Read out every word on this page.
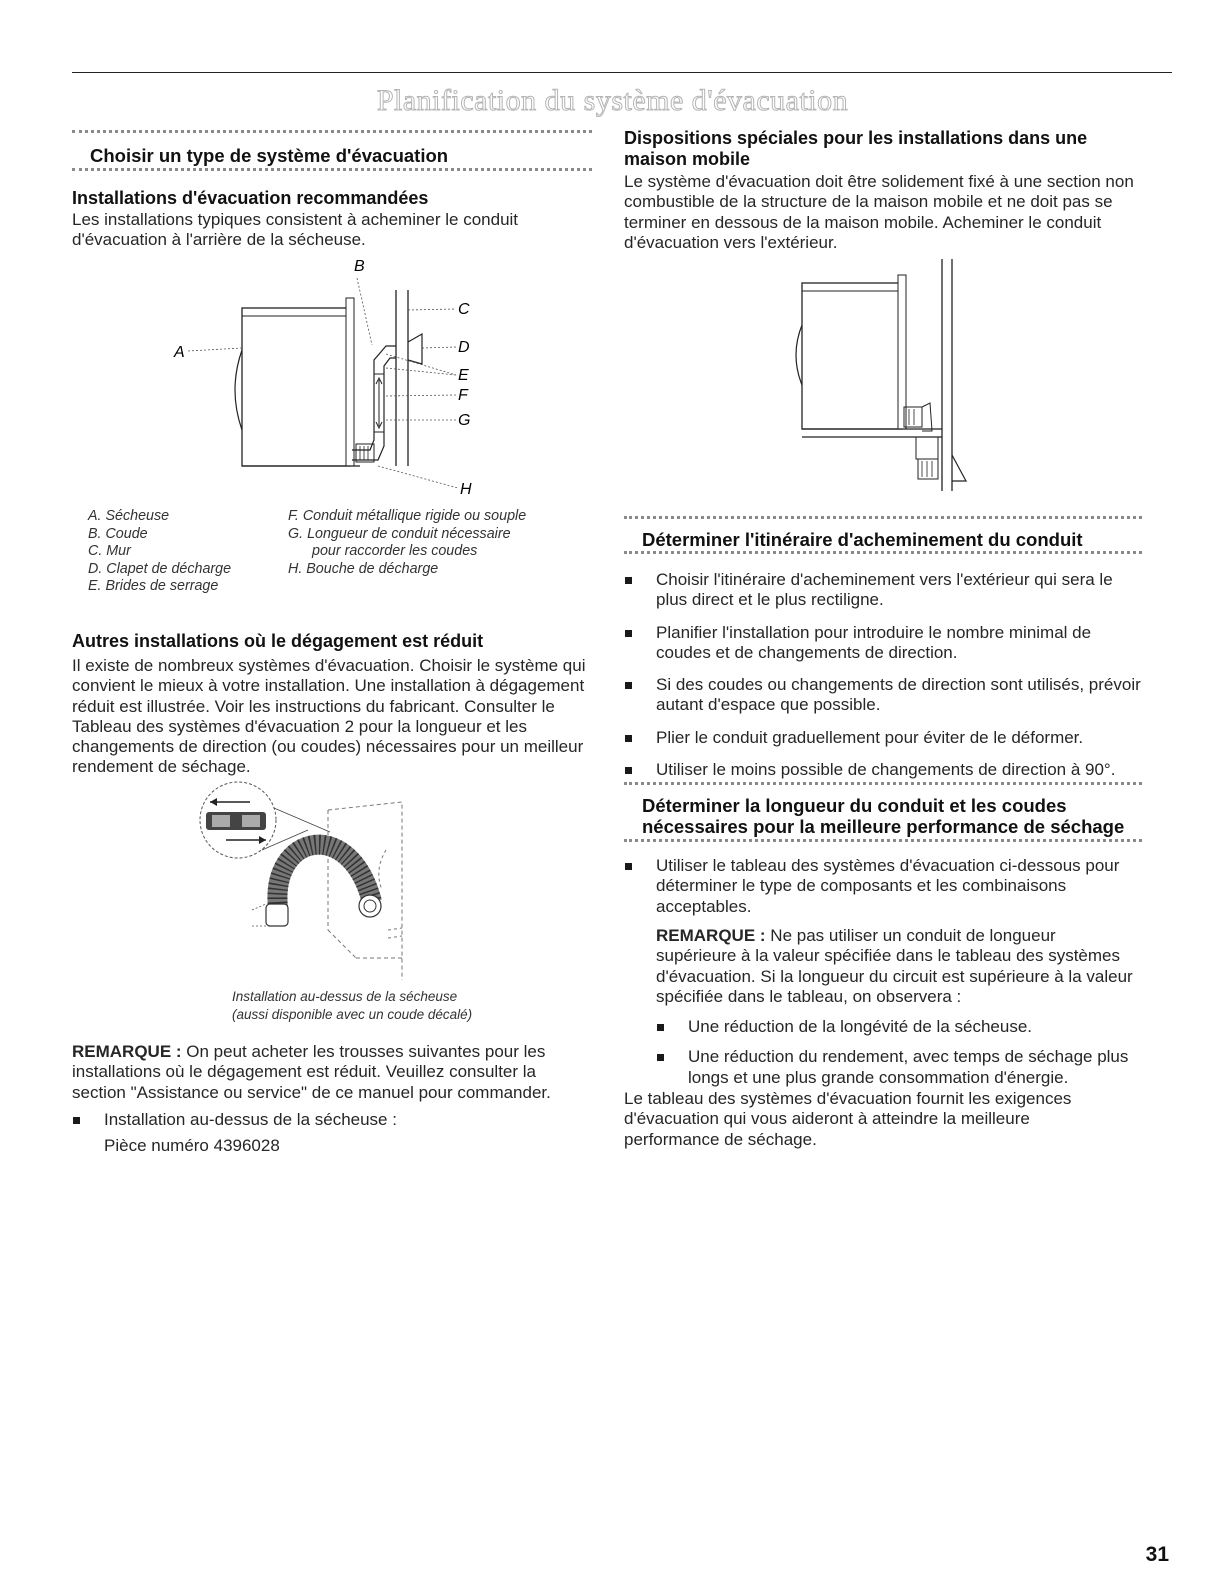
Planification du système d'évacuation
Choisir un type de système d'évacuation
Installations d'évacuation recommandées

Les installations typiques consistent à acheminer le conduit d'évacuation à l'arrière de la sécheuse.

B
A
C
D
E
F
G
H
A. Sécheuse
B. Coude
C. Mur
D. Clapet de décharge
E. Brides de serrage
F. Conduit métallique rigide ou souple
G. Longueur de conduit nécessaire
pour raccorder les coudes
H. Bouche de décharge
Autres installations où le dégagement est réduit

Il existe de nombreux systèmes d'évacuation. Choisir le système qui convient le mieux à votre installation. Une installation à dégagement réduit est illustrée. Voir les instructions du fabricant. Consulter le Tableau des systèmes d'évacuation 2 pour la longueur et les changements de direction (ou coudes) nécessaires pour un meilleur rendement de séchage.

Installation au-dessus de la sécheuse
(aussi disponible avec un coude décalé)

REMARQUE : On peut acheter les trousses suivantes pour les installations où le dégagement est réduit. Veuillez consulter la section "Assistance ou service" de ce manuel pour commander.

Installation au-dessus de la sécheuse :
Pièce numéro 4396028
Dispositions spéciales pour les installations dans une maison mobile

Le système d'évacuation doit être solidement fixé à une section non combustible de la structure de la maison mobile et ne doit pas se terminer en dessous de la maison mobile. Acheminer le conduit d'évacuation vers l'extérieur.

Déterminer l'itinéraire d'acheminement du conduit
Choisir l'itinéraire d'acheminement vers l'extérieur qui sera le plus direct et le plus rectiligne.
Planifier l'installation pour introduire le nombre minimal de coudes et de changements de direction.
Si des coudes ou changements de direction sont utilisés, prévoir autant d'espace que possible.
Plier le conduit graduellement pour éviter de le déformer.
Utiliser le moins possible de changements de direction à 90°.
Déterminer la longueur du conduit et les coudes
nécessaires pour la meilleure performance de séchage
Utiliser le tableau des systèmes d'évacuation ci-dessous pour déterminer le type de composants et les combinaisons acceptables.

REMARQUE : Ne pas utiliser un conduit de longueur supérieure à la valeur spécifiée dans le tableau des systèmes d'évacuation. Si la longueur du circuit est supérieure à la valeur spécifiée dans le tableau, on observera :

Une réduction de la longévité de la sécheuse.
Une réduction du rendement, avec temps de séchage plus longs et une plus grande consommation d'énergie.

Le tableau des systèmes d'évacuation fournit les exigences d'évacuation qui vous aideront à atteindre la meilleure performance de séchage.

31
